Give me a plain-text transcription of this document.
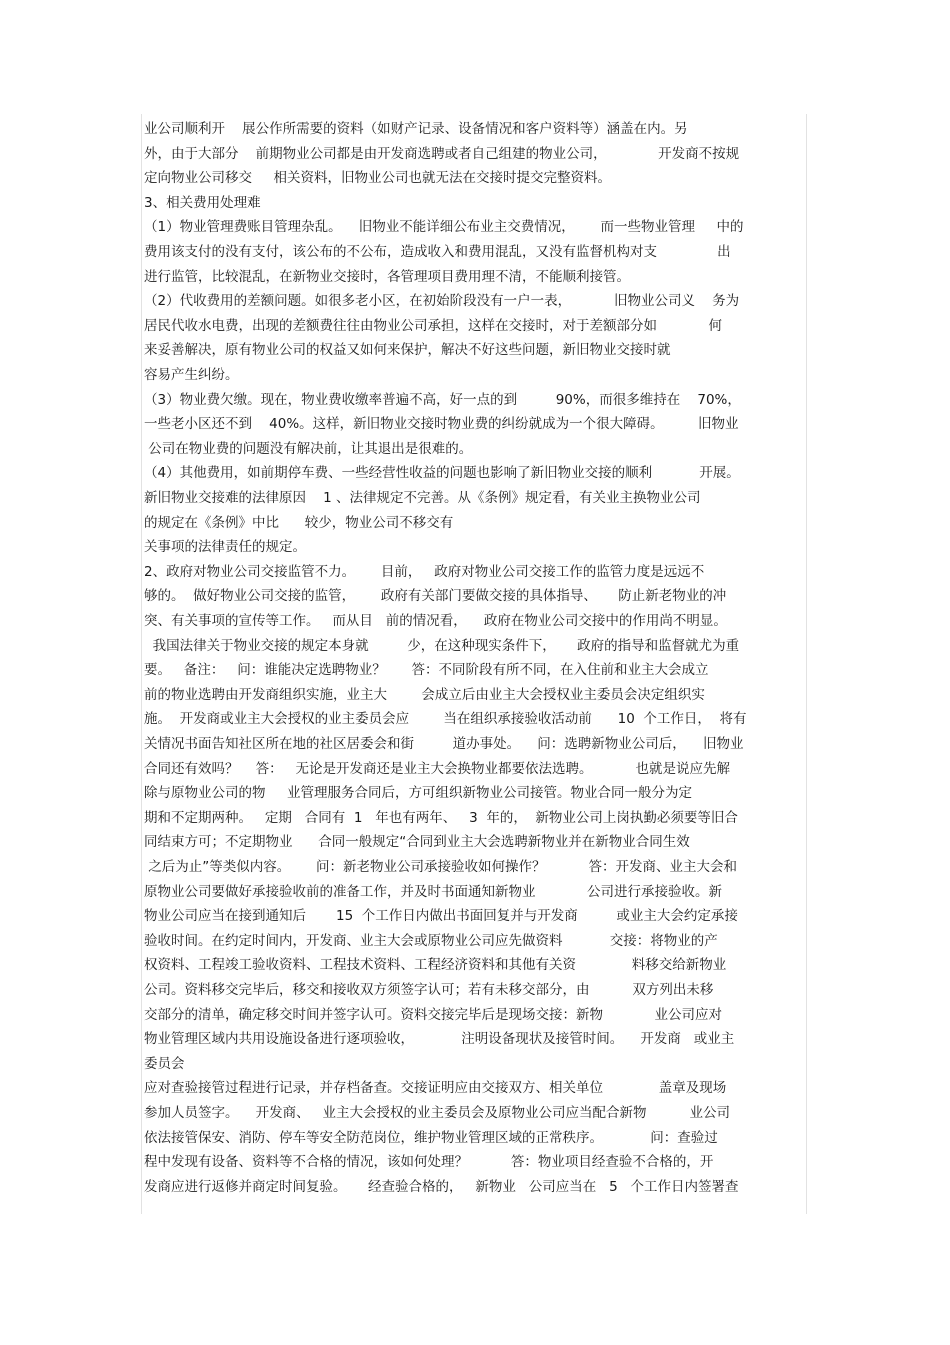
业公司顺利开    展公作所需要的资料（如财产记录、设备情况和客户资料等）涵盖在内。另
外，由于大部分    前期物业公司都是由开发商选聘或者自己组建的物业公司，            开发商不按规
定向物业公司移交     相关资料，旧物业公司也就无法在交接时提交完整资料。
3、相关费用处理难
（1）物业管理费账目管理杂乱。    旧物业不能详细公布业主交费情况，      而一些物业管理     中的
费用该支付的没有支付，该公布的不公布，造成收入和费用混乱，又没有监督机构对支              出
进行监管，比较混乱，在新物业交接时，各管理项目费用理不清，不能顺利接管。
（2）代收费用的差额问题。如很多老小区，在初始阶段没有一户一表，          旧物业公司义    务为
居民代收水电费，出现的差额费往往由物业公司承担，这样在交接时，对于差额部分如            何
来妥善解决，原有物业公司的权益又如何来保护，解决不好这些问题，新旧物业交接时就
容易产生纠纷。
（3）物业费欠缴。现在，物业费收缴率普遍不高，好一点的到         90%，而很多维持在    70%，
一些老小区还不到    40%。这样，新旧物业交接时物业费的纠纷就成为一个很大障碍。        旧物业
公司在物业费的问题没有解决前，让其退出是很难的。
（4）其他费用，如前期停车费、一些经营性收益的问题也影响了新旧物业交接的顺利           开展。
新旧物业交接难的法律原因    1 、法律规定不完善。从《条例》规定看，有关业主换物业公司
的规定在《条例》中比      较少，物业公司不移交有
关事项的法律责任的规定。
2、政府对物业公司交接监管不力。      目前，   政府对物业公司交接工作的监管力度是远远不
够的。  做好物业公司交接的监管，      政府有关部门要做交接的具体指导、     防止新老物业的冲
突、有关事项的宣传等工作。   而从目   前的情况看，    政府在物业公司交接中的作用尚不明显。
我国法律关于物业交接的规定本身就         少，在这种现实条件下，     政府的指导和监督就尤为重
要。   备注：   问：谁能决定选聘物业？      答：不同阶段有所不同，在入住前和业主大会成立
前的物业选聘由开发商组织实施，业主大        会成立后由业主大会授权业主委员会决定组织实
施。  开发商或业主大会授权的业主委员会应        当在组织承接验收活动前      10  个工作日，  将有
关情况书面告知社区所在地的社区居委会和街         道办事处。    问：选聘新物业公司后，    旧物业
合同还有效吗？    答：   无论是开发商还是业主大会换物业都要依法选聘。          也就是说应先解
除与原物业公司的物     业管理服务合同后，方可组织新物业公司接管。物业合同一般分为定
期和不定期两种。   定期   合同有  1   年也有两年、   3  年的，  新物业公司上岗执勤必须要等旧合
同结束方可；不定期物业      合同一般规定“合同到业主大会选聘新物业并在新物业合同生效
之后为止”等类似内容。      问：新老物业公司承接验收如何操作？          答：开发商、业主大会和
原物业公司要做好承接验收前的准备工作，并及时书面通知新物业            公司进行承接验收。新
物业公司应当在接到通知后       15  个工作日内做出书面回复并与开发商         或业主大会约定承接
验收时间。在约定时间内，开发商、业主大会或原物业公司应先做资料           交接：将物业的产
权资料、工程竣工验收资料、工程技术资料、工程经济资料和其他有关资             料移交给新物业
公司。资料移交完毕后，移交和接收双方须签字认可；若有未移交部分，由          双方列出未移
交部分的清单，确定移交时间并签字认可。资料交接完毕后是现场交接：新物            业公司应对
物业管理区域内共用设施设备进行逐项验收，           注明设备现状及接管时间。    开发商   或业主
委员会
应对查验接管过程进行记录，并存档备查。交接证明应由交接双方、相关单位             盖章及现场
参加人员签字。    开发商、   业主大会授权的业主委员会及原物业公司应当配合新物          业公司
依法接管保安、消防、停车等安全防范岗位，维护物业管理区域的正常秩序。           问：查验过
程中发现有设备、资料等不合格的情况，该如何处理？          答：物业项目经查验不合格的，开
发商应进行返修并商定时间复验。     经查验合格的，   新物业   公司应当在   5   个工作日内签署查
